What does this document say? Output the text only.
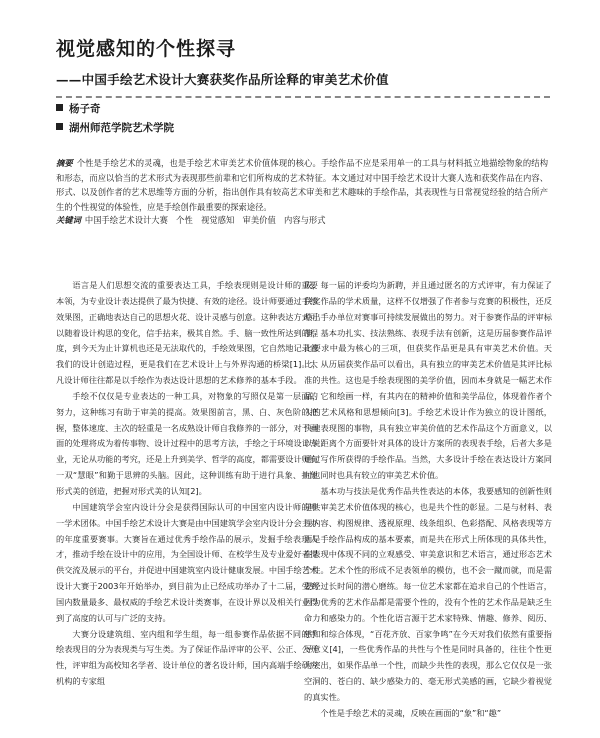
视觉感知的个性探寻
——中国手绘艺术设计大赛获奖作品所诠释的审美艺术价值
杨子奇
湖州师范学院艺术学院
摘要 个性是手绘艺术的灵魂，也是手绘艺术审美艺术价值体现的核心。手绘作品不应是采用单一的工具与材料抵立地描绘物象的结构和形态，而应以恰当的艺术形式为表现那些前辈和它们所构成的艺术特征。本文通过对中国手绘艺术设计大赛人选和获奖作品在内容、形式、以及创作者的艺术思维等方面的分析，指出创作具有较高艺术审美和艺术趣味的手绘作品，其表现性与日常视觉经验的结合所产生的个性视觉的体验性，应是手绘创作最重要的探索途径。
关键词 中国手绘艺术设计大赛　个性　视觉感知　审美价值　内容与形式

语言是人们思想交流的重要表达工具，手绘表现则是设计师的重要本领，为专业设计表达提供了最为快捷、有效的途径。设计师要通过手绘效果图，正确地表达自己的思想火花、设计灵感与创意。这种表达方式可以随着设计构思的变化，信手拈来，极其自然。手、脑一致性所达到的程度，到今天为止计算机也还是无法取代的，手绘效果图，它自然地记录着我们的设计创造过程，更是我们在艺术设计上与外界沟通的桥梁[1]。大凡设计师往往都是以手绘作为表达设计思想的艺术修养的基本手段。

手绘不仅仅是专业表达的一种工具，对物象的写照仅是第一层面的努力，这种练习有助于审美的提高。效果图前言，黑、白、灰色阶的把握，整体速度、主次的轻重是一名成熟设计师自我修养的一部分，对于画面的处理将成为着传事物、设计过程中的思考方法，手绘之于环境设计专业，无论从功能的考究，还是上升到美学、哲学的高度，都需要设计师有一双“慧眼”和勤于思辨的头脑。因此，这种训练有助于进行具象、抽象形式美的创造，把握对形式美的认知[2]。

中国建筑学会室内设计分会是获得国际认可的中国室内设计师的唯一学术团体。中国手绘艺术设计大赛是由中国建筑学会室内设计分会主办的年度重要赛事。大赛旨在通过优秀手绘作品的展示，发掘手绘表现人才，推动手绘在设计中的应用，为全国设计师、在校学生及专业爱好者提供交流及展示的平台，并促进中国建筑室内设计健康发展。中国手绘艺术设计大赛于2003年开始举办，到目前为止已经成功举办了十二届，受到国内数量最多、最权威的手绘艺术设计类赛事，在设计界以及相关行业得到了高度的认可与广泛的支持。

大赛分设建筑组、室内组和学生组，每一组参赛作品依据不同的手绘表现目的分为表现类与写生类。为了保证作品评审的公平、公正、公开性，评审组为高校知名学者、设计单位的著名设计师，国内高端手绘研究机构的专家组

成，每一届的评委均为新聘，并且通过匿名的方式评审，有力保证了获奖作品的学术质量，这样不仅增强了作者参与竞赛的积极性，还反映出手办单位对赛事可持续发展做出的努力。对于参赛作品的评审标准，基本功扎实、技法熟练、表现手法有创新，这是历届参赛作品评比要求中最为核心的三项，但获奖作品更是具有审美艺术价值。天比，从历届获奖作品可以看出，具有独立的审美艺术价值是其评比标准的共性。这也是手绘表现图的美学价值，因而本身就是一幅艺术作品，它和绘画一样，有其内在的精神价值和美学品位，体现着作者个人的艺术风格和思想倾向[3]。手绘艺术设计作为独立的设计图纸，快速表现图的事物，具有独立审美价值的艺术作品这个方面意义，以以说距离个方面要针对具体的设计方案所的表现表手绘，后者大多是通过写作所获得的手绘作品。当然，大多设计手绘在表达设计方案同时也同时也具有较立的审美艺术价值。

基本功与技法是优秀作品共性表达的本体，我要感知的创新性则是共审美艺术价值体现的核心，也是共个性的彰显。二是与材料、表现内容、构图规律、透视原理、线条组织、色彩搭配、风格表现等方面是手绘作品构成的基本要素，而是共在形式上所体现的具体共性，在表现中体现不同的立观感受、审美意识和艺术语言，通过形态艺术个性。艺术个性的形成不足表领单的模仿，也不会一蹴而就，而是需要经过长时间的潜心磨练。每一位艺术家都在追求自己的个性语言，因为优秀的艺术作品都是需要个性的，没有个性的艺术作品是缺乏生命力和感染力的。个性化语言源于艺术家特殊、情趣、修养、阅历、感知和综合体现，“百花齐放、百家争鸣”在今天对我们依然有重要指导意义[4]，一些优秀作品的共性与个性是同时具备的，往往个性更为突出，如果作品单一个性，而缺少共性的表现，那么它仅仅是一张空洞的、苍白的、缺少感染力的、毫无形式美感的画，它缺少着视觉的真实性。

个性是手绘艺术的灵魂，反映在画面的“象”和“趣”
